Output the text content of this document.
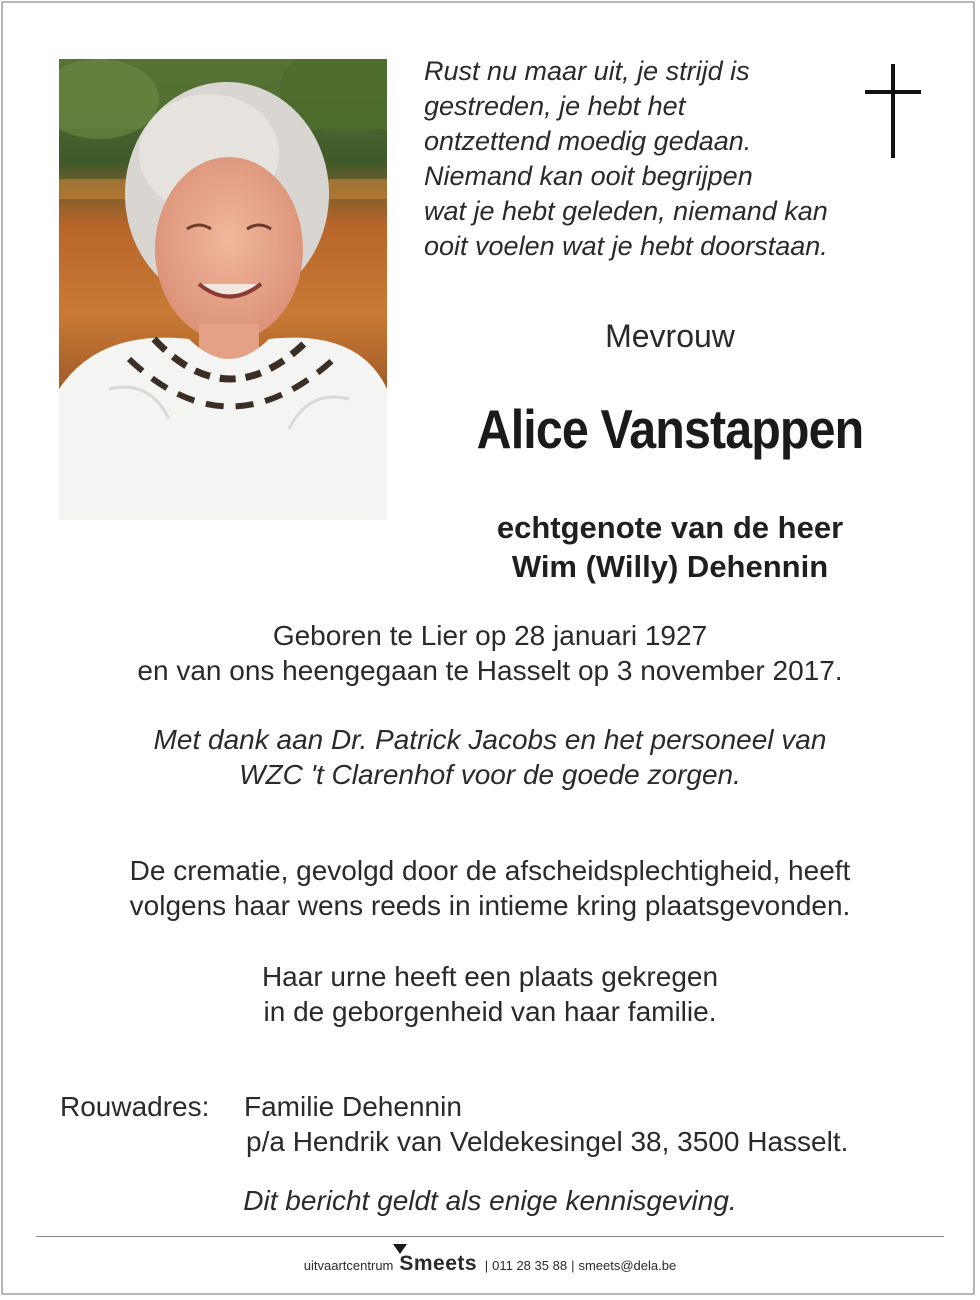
Rust nu maar uit, je strijd is
gestreden, je hebt het
ontzettend moedig gedaan.
Niemand kan ooit begrijpen
wat je hebt geleden, niemand kan
ooit voelen wat je hebt doorstaan.
Mevrouw
Alice Vanstappen
echtgenote van de heer
Wim (Willy) Dehennin
Geboren te Lier op 28 januari 1927
en van ons heengegaan te Hasselt op 3 november 2017.
Met dank aan Dr. Patrick Jacobs en het personeel van
WZC 't Clarenhof voor de goede zorgen.
De crematie, gevolgd door de afscheidsplechtigheid, heeft
volgens haar wens reeds in intieme kring plaatsgevonden.
Haar urne heeft een plaats gekregen
in de geborgenheid van haar familie.
Rouwadres: Familie Dehennin
p/a Hendrik van Veldekesingel 38, 3500 Hasselt.
Dit bericht geldt als enige kennisgeving.
uitvaartcentrum Smeets | 011 28 35 88 | smeets@dela.be
